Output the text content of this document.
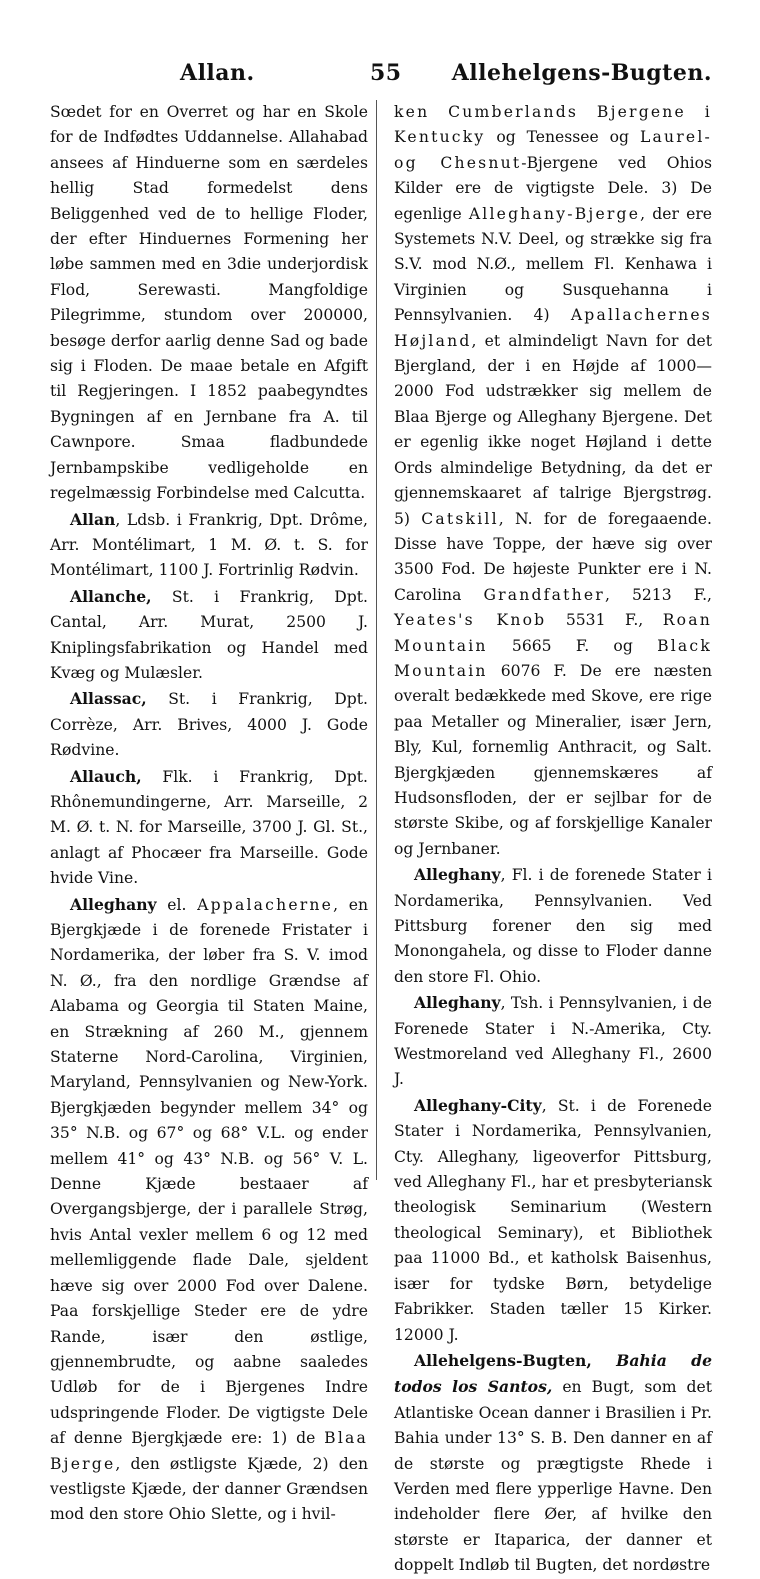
Allan.	55 Allehelgens-Bugten.

Sœdet for en Overret og har en Skole for de Indfødtes Uddannelse. Allahabad ansees af Hinduerne som en særdeles hellig Stad formedelst dens Beliggenhed ved de to hellige Floder, der efter Hinduernes Formening her løbe sammen med en 3die underjordisk Flod, Serewasti. Mangfoldige Pilegrimme, stundom over 200000, besøge derfor aarlig denne Sad og bade sig i Floden. De maae betale en Afgift til Regjeringen. I 1852 paabegyndtes Bygningen af en Jernbane fra A. til Cawnpore. Smaa fladbundede Jernbampskibe vedligeholde en regelmæssig Forbindelse med Calcutta.

Allan, Ldsb. i Frankrig, Dpt. Drôme, Arr. Montélimart, 1 M. Ø. t. S. for Montélimart, 1100 J. Fortrinlig Rødvin.

Allanche, St. i Frankrig, Dpt. Cantal, Arr. Murat, 2500 J. Kniplingsfabrikation og Handel med Kvæg og Mulæsler.

Allassac, St. i Frankrig, Dpt. Corrèze, Arr. Brives, 4000 J. Gode Rødvine.

Allauch, Flk. i Frankrig, Dpt. Rhônemundingerne, Arr. Marseille, 2 M. Ø. t. N. for Marseille, 3700 J. Gl. St., anlagt af Phocæer fra Marseille. Gode hvide Vine.

Alleghany el. Appalacherne, en Bjergkjæde i de forenede Fristater i Nordamerika, der løber fra S. V. imod N. Ø., fra den nordlige Grændse af Alabama og Georgia til Staten Maine, en Strækning af 260 M., gjennem Staterne Nord-Carolina, Virginien, Maryland, Pennsylvanien og New-York. Bjergkjæden begynder mellem 34° og 35° N.B. og 67° og 68° V.L. og ender mellem 41° og 43° N.B. og 56° V. L. Denne Kjæde bestaaer af Overgangsbjerge, der i parallele Strøg, hvis Antal vexler mellem 6 og 12 med mellemliggende flade Dale, sjeldent hæve sig over 2000 Fod over Dalene. Paa forskjellige Steder ere de ydre Rande, især den østlige, gjennembrudte, og aabne saaledes Udløb for de i Bjergenes Indre udspringende Floder. De vigtigste Dele af denne Bjergkjæde ere: 1) de Blaa Bjerge, den østligste Kjæde, 2) den vestligste Kjæde, der danner Grændsen mod den store Ohio Slette, og i hvil-

ken Cumberlands Bjergene i Kentucky og Tenessee og Laurel- og Chesnut-Bjergene ved Ohios Kilder ere de vigtigste Dele. 3) De egenlige Alleghany-Bjerge, der ere Systemets N.V. Deel, og strække sig fra S.V. mod N.Ø., mellem Fl. Kenhawa i Virginien og Susquehanna i Pennsylvanien. 4) Apallachernes Højland, et almindeligt Navn for det Bjergland, der i en Højde af 1000—2000 Fod udstrækker sig mellem de Blaa Bjerge og Alleghany Bjergene. Det er egenlig ikke noget Højland i dette Ords almindelige Betydning, da det er gjennemskaaret af talrige Bjergstrøg. 5) Catskill, N. for de foregaaende. Disse have Toppe, der hæve sig over 3500 Fod. De højeste Punkter ere i N. Carolina Grandfather, 5213 F., Yeates's Knob 5531 F., Roan Mountain 5665 F. og Black Mountain 6076 F. De ere næsten overalt bedækkede med Skove, ere rige paa Metaller og Mineralier, især Jern, Bly, Kul, fornemlig Anthracit, og Salt. Bjergkjæden gjennemskæres af Hudsonsfloden, der er sejlbar for de største Skibe, og af forskjellige Kanaler og Jernbaner.

Alleghany, Fl. i de forenede Stater i Nordamerika, Pennsylvanien. Ved Pittsburg forener den sig med Monongahela, og disse to Floder danne den store Fl. Ohio.

Alleghany, Tsh. i Pennsylvanien, i de Forenede Stater i N.-Amerika, Cty. Westmoreland ved Alleghany Fl., 2600 J.

Alleghany-City, St. i de Forenede Stater i Nordamerika, Pennsylvanien, Cty. Alleghany, ligeoverfor Pittsburg, ved Alleghany Fl., har et presbyteriansk theologisk Seminarium (Western theological Seminary), et Bibliothek paa 11000 Bd., et katholsk Baisenhus, især for tydske Børn, betydelige Fabrikker. Staden tæller 15 Kirker. 12000 J.

Allehelgens-Bugten, Bahia de todos los Santos, en Bugt, som det Atlantiske Ocean danner i Brasilien i Pr. Bahia under 13° S. B. Den danner en af de største og prægtigste Rhede i Verden med flere ypperlige Havne. Den indeholder flere Øer, af hvilke den største er Itaparica, der danner et doppelt Indløb til Bugten, det nordøstre
